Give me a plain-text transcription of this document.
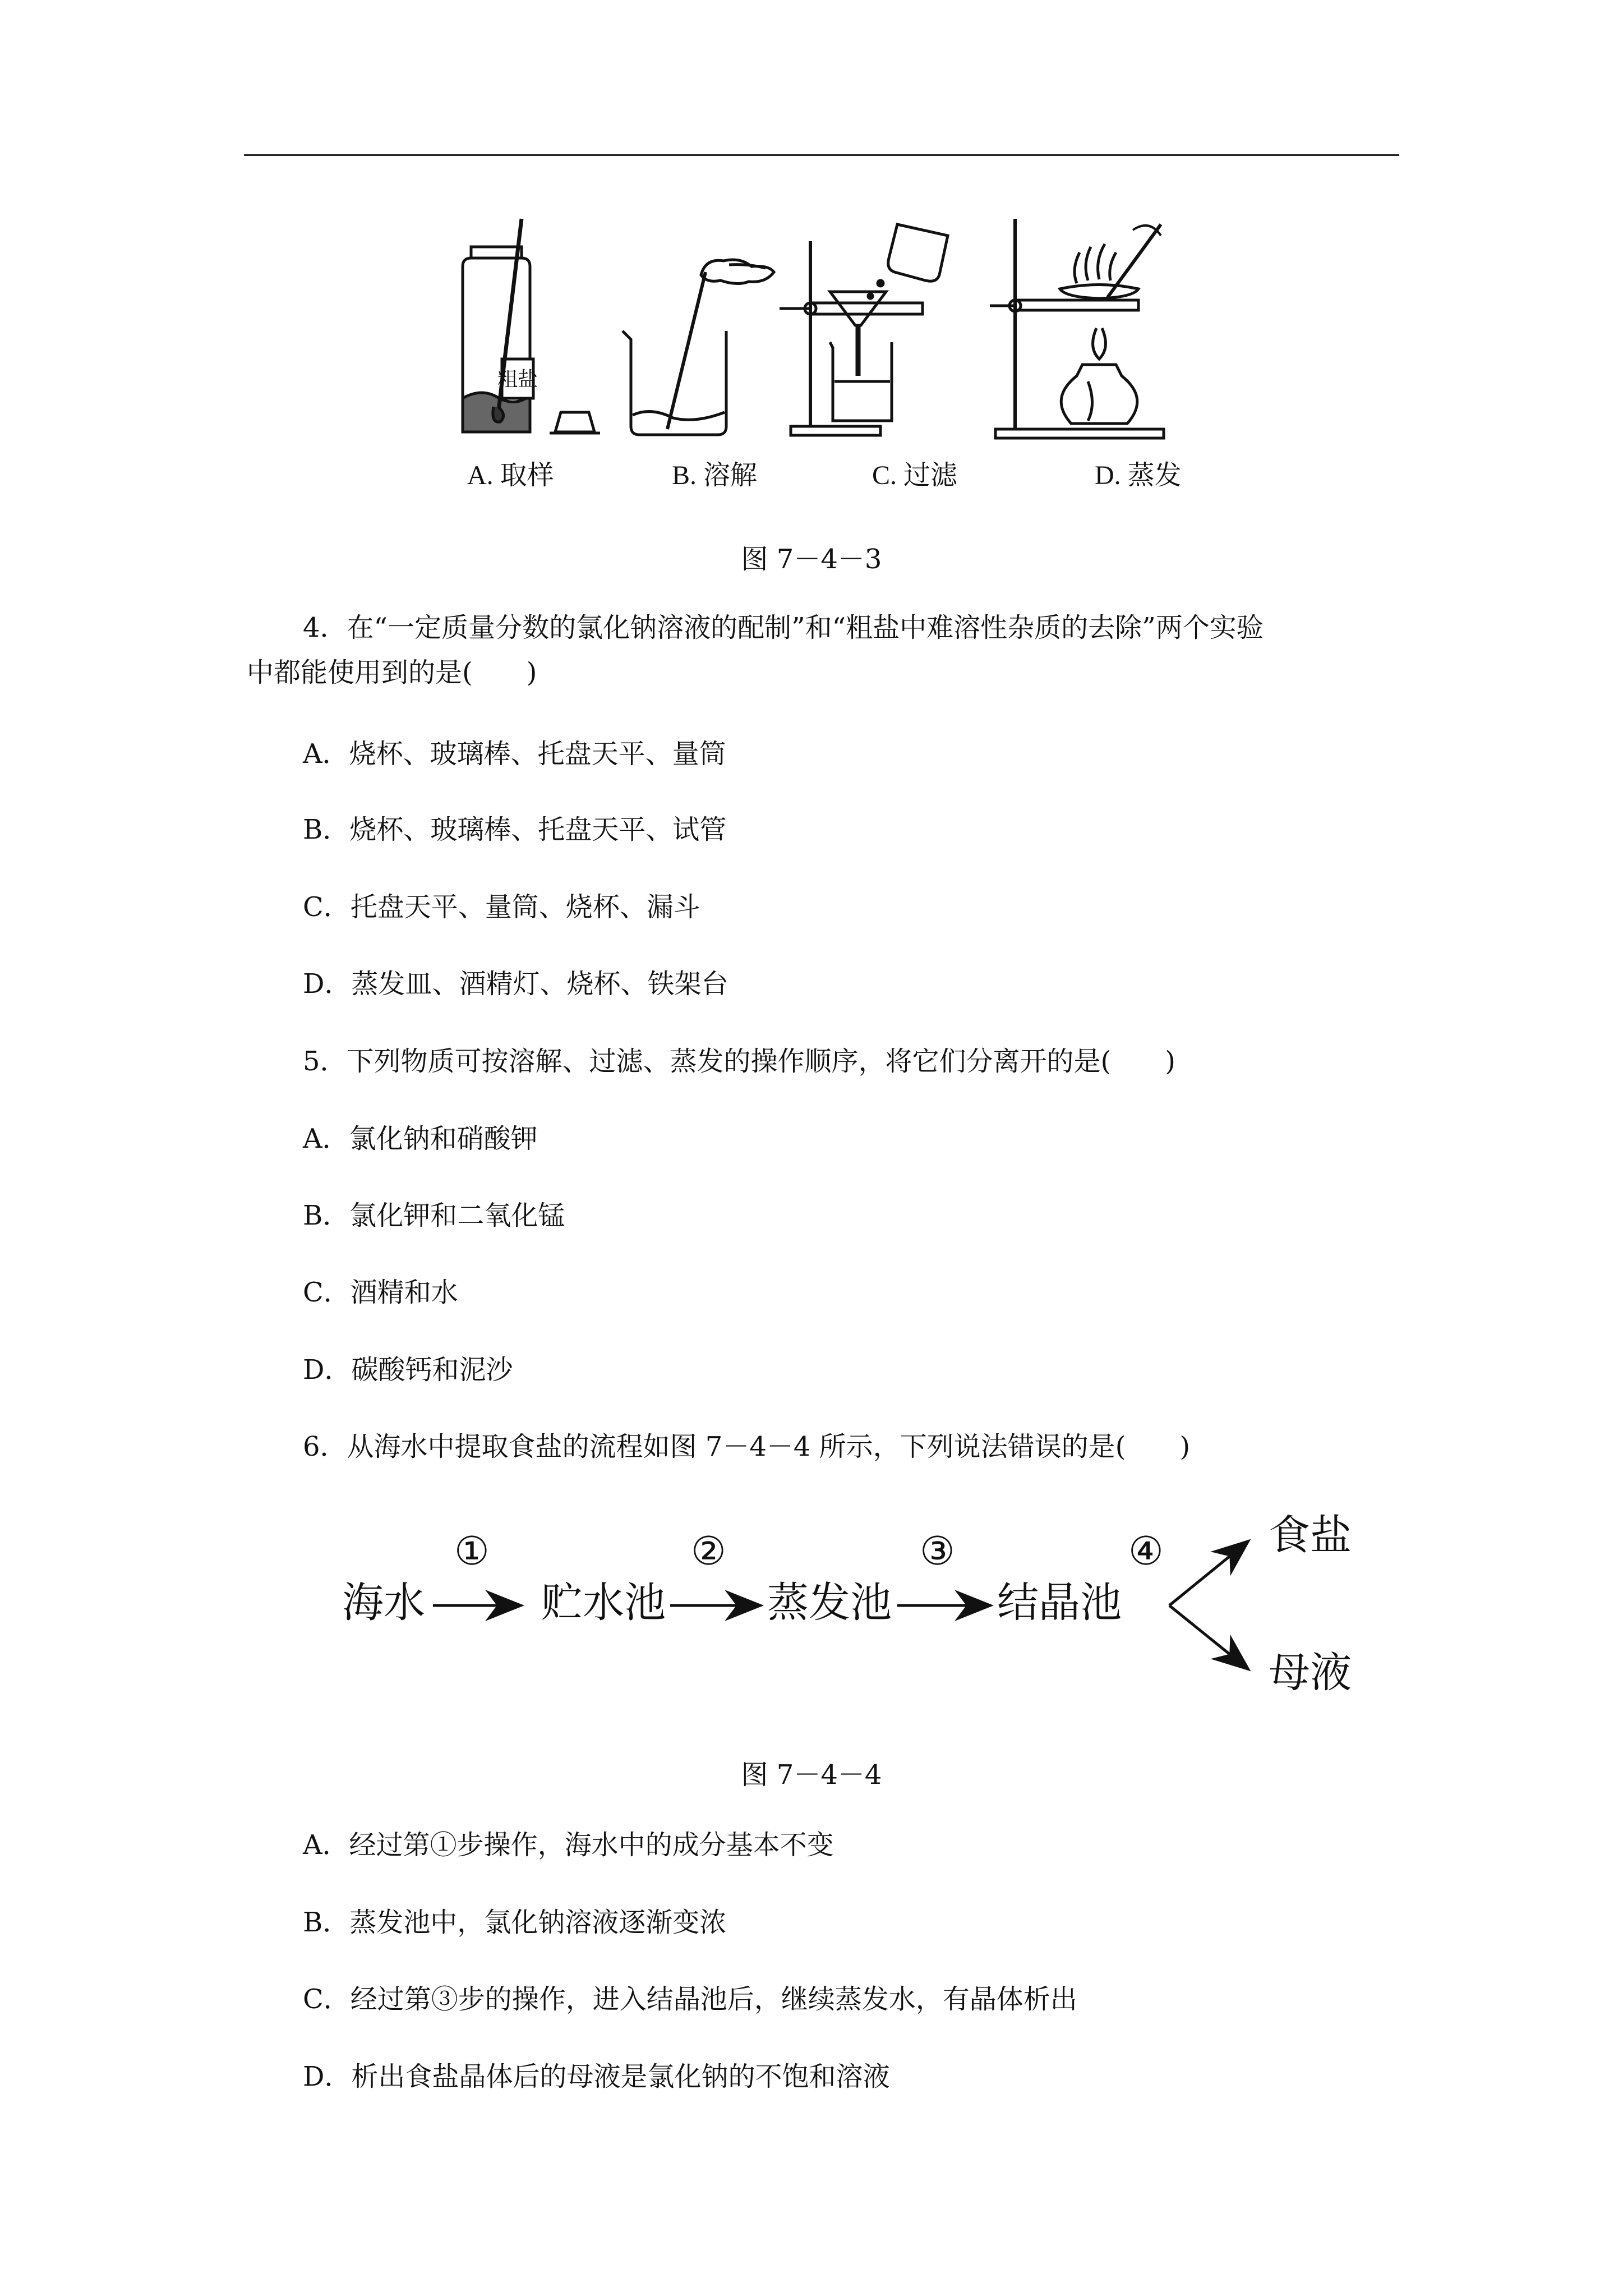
粗盐
A. 取样	B. 溶解	C. 过滤	D. 蒸发
图 7－4－3
4．在“一定质量分数的氯化钠溶液的配制”和“粗盐中难溶性杂质的去除”两个实验
中都能使用到的是(　　)
A．烧杯、玻璃棒、托盘天平、量筒
B．烧杯、玻璃棒、托盘天平、试管
C．托盘天平、量筒、烧杯、漏斗
D．蒸发皿、酒精灯、烧杯、铁架台
5．下列物质可按溶解、过滤、蒸发的操作顺序，将它们分离开的是(　　)
A．氯化钠和硝酸钾
B．氯化钾和二氧化锰
C．酒精和水
D．碳酸钙和泥沙
6．从海水中提取食盐的流程如图 7－4－4 所示，下列说法错误的是(　　)
海水
①
贮水池
②
蒸发池
③
结晶池
④	食盐
母液
图 7－4－4
A．经过第①步操作，海水中的成分基本不变
B．蒸发池中，氯化钠溶液逐渐变浓
C．经过第③步的操作，进入结晶池后，继续蒸发水，有晶体析出
D．析出食盐晶体后的母液是氯化钠的不饱和溶液
